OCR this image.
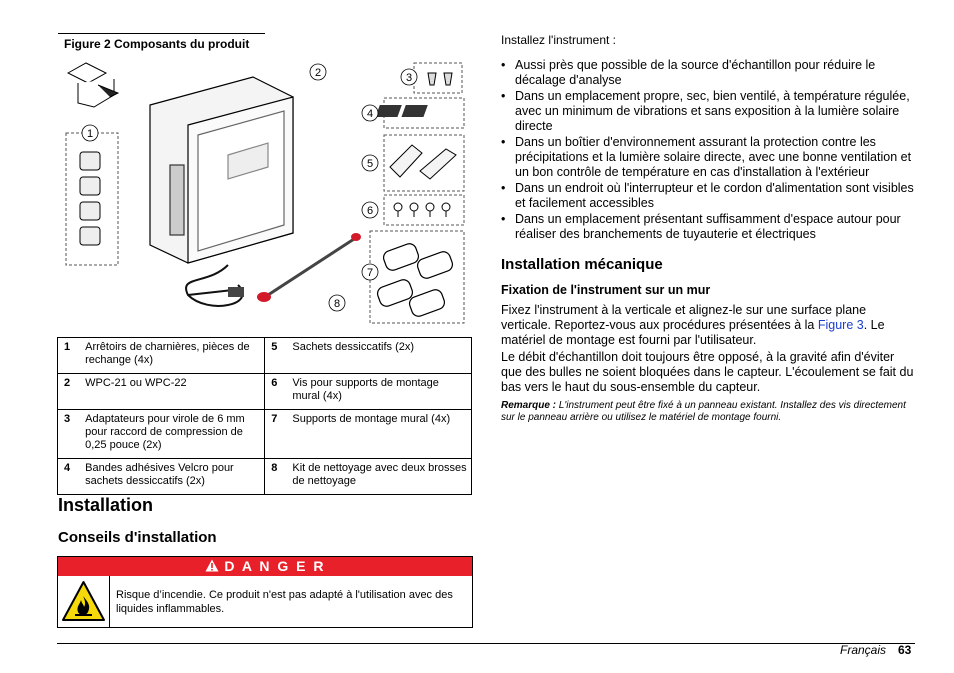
Figure 2 Composants du produit
1
2	3
4
5
6
7
8
1	Arrêtoirs de charnières, pièces de rechange (4x)	5	Sachets dessiccatifs (2x)
2	WPC-21 ou WPC-22	6	Vis pour supports de montage mural (4x)
3	Adaptateurs pour virole de 6 mm pour raccord de compression de 0,25 pouce (2x)	7	Supports de montage mural (4x)
4	Bandes adhésives Velcro pour sachets dessiccatifs (2x)	8	Kit de nettoyage avec deux brosses de nettoyage
Installation
Conseils d'installation
D A N G E R
Risque d’incendie. Ce produit n'est pas adapté à l'utilisation avec des liquides inflammables.
Installez l'instrument :
• Aussi près que possible de la source d'échantillon pour réduire le décalage d'analyse
• Dans un emplacement propre, sec, bien ventilé, à température régulée, avec un minimum de vibrations et sans exposition à la lumière solaire directe
• Dans un boîtier d'environnement assurant la protection contre les précipitations et la lumière solaire directe, avec une bonne ventilation et un bon contrôle de température en cas d'installation à l'extérieur
• Dans un endroit où l'interrupteur et le cordon d'alimentation sont visibles et facilement accessibles
• Dans un emplacement présentant suffisamment d'espace autour pour réaliser des branchements de tuyauterie et électriques
Installation mécanique
Fixation de l'instrument sur un mur

Fixez l'instrument à la verticale et alignez-le sur une surface plane verticale. Reportez-vous aux procédures présentées à la Figure 3. Le matériel de montage est fourni par l'utilisateur.

Le débit d'échantillon doit toujours être opposé, à la gravité afin d'éviter que des bulles ne soient bloquées dans le capteur. L'écoulement se fait du bas vers le haut du sous-ensemble du capteur.

Remarque : L'instrument peut être fixé à un panneau existant. Installez des vis directement sur le panneau arrière ou utilisez le matériel de montage fourni.
Français 63
